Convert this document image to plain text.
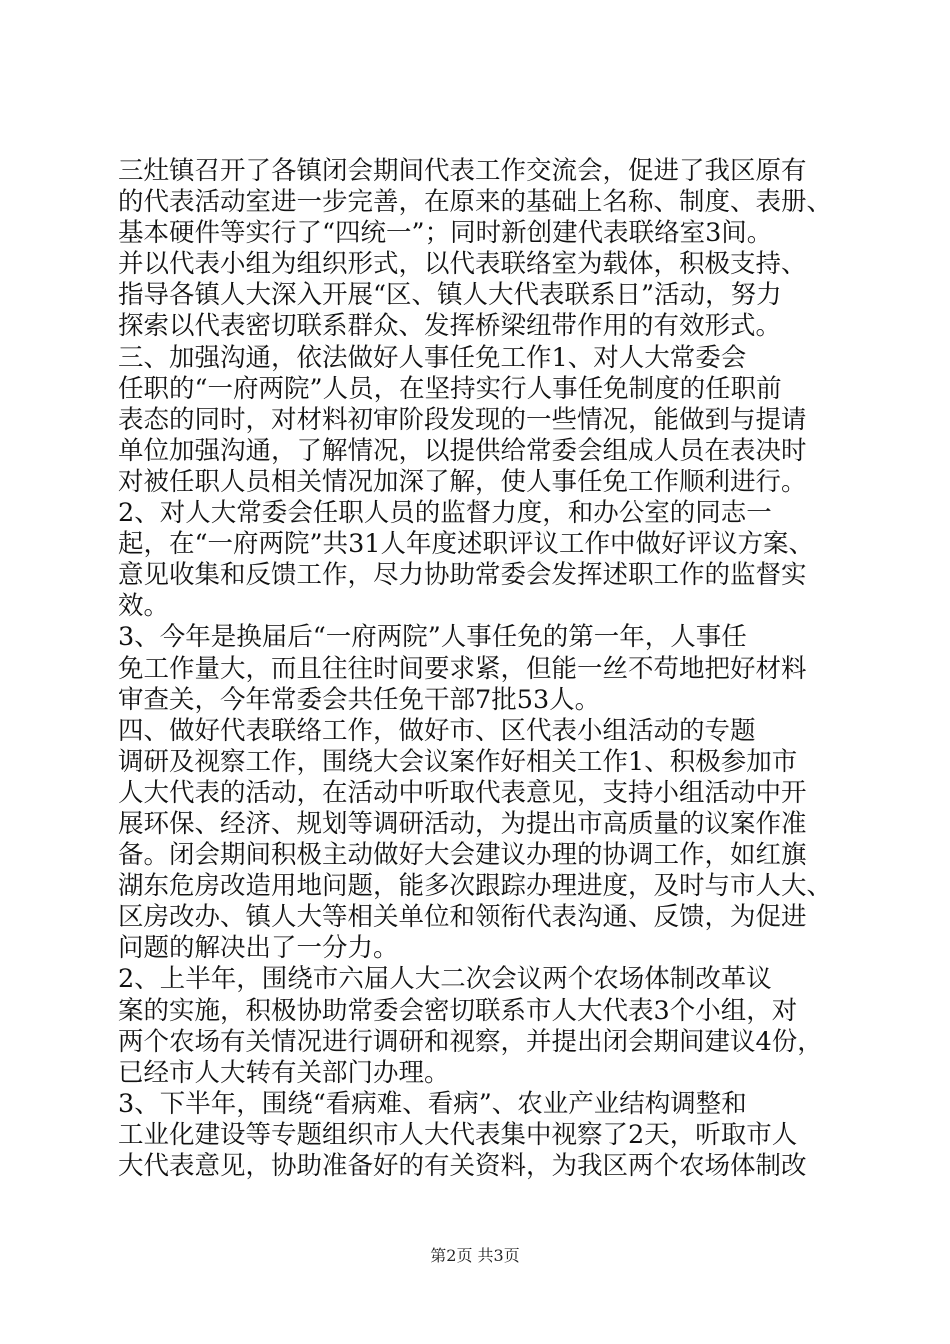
三灶镇召开了各镇闭会期间代表工作交流会，促进了我区原有
的代表活动室进一步完善，在原来的基础上名称、制度、表册、
基本硬件等实行了“四统一”；同时新创建代表联络室3间。
并以代表小组为组织形式，以代表联络室为载体，积极支持、
指导各镇人大深入开展“区、镇人大代表联系日”活动，努力
探索以代表密切联系群众、发挥桥梁纽带作用的有效形式。
三、加强沟通，依法做好人事任免工作1、对人大常委会
任职的“一府两院”人员，在坚持实行人事任免制度的任职前
表态的同时，对材料初审阶段发现的一些情况，能做到与提请
单位加强沟通，了解情况，以提供给常委会组成人员在表决时
对被任职人员相关情况加深了解，使人事任免工作顺利进行。
2、对人大常委会任职人员的监督力度，和办公室的同志一
起，在“一府两院”共31人年度述职评议工作中做好评议方案、
意见收集和反馈工作，尽力协助常委会发挥述职工作的监督实
效。
3、今年是换届后“一府两院”人事任免的第一年，人事任
免工作量大，而且往往时间要求紧，但能一丝不苟地把好材料
审查关，今年常委会共任免干部7批53人。
四、做好代表联络工作，做好市、区代表小组活动的专题
调研及视察工作，围绕大会议案作好相关工作1、积极参加市
人大代表的活动，在活动中听取代表意见，支持小组活动中开
展环保、经济、规划等调研活动，为提出市高质量的议案作准
备。闭会期间积极主动做好大会建议办理的协调工作，如红旗
湖东危房改造用地问题，能多次跟踪办理进度，及时与市人大、
区房改办、镇人大等相关单位和领衔代表沟通、反馈，为促进
问题的解决出了一分力。
2、上半年，围绕市六届人大二次会议两个农场体制改革议
案的实施，积极协助常委会密切联系市人大代表3个小组，对
两个农场有关情况进行调研和视察，并提出闭会期间建议4份，
已经市人大转有关部门办理。
3、下半年，围绕“看病难、看病”、农业产业结构调整和
工业化建设等专题组织市人大代表集中视察了2天，听取市人
大代表意见，协助准备好的有关资料，为我区两个农场体制改
第2页 共3页
